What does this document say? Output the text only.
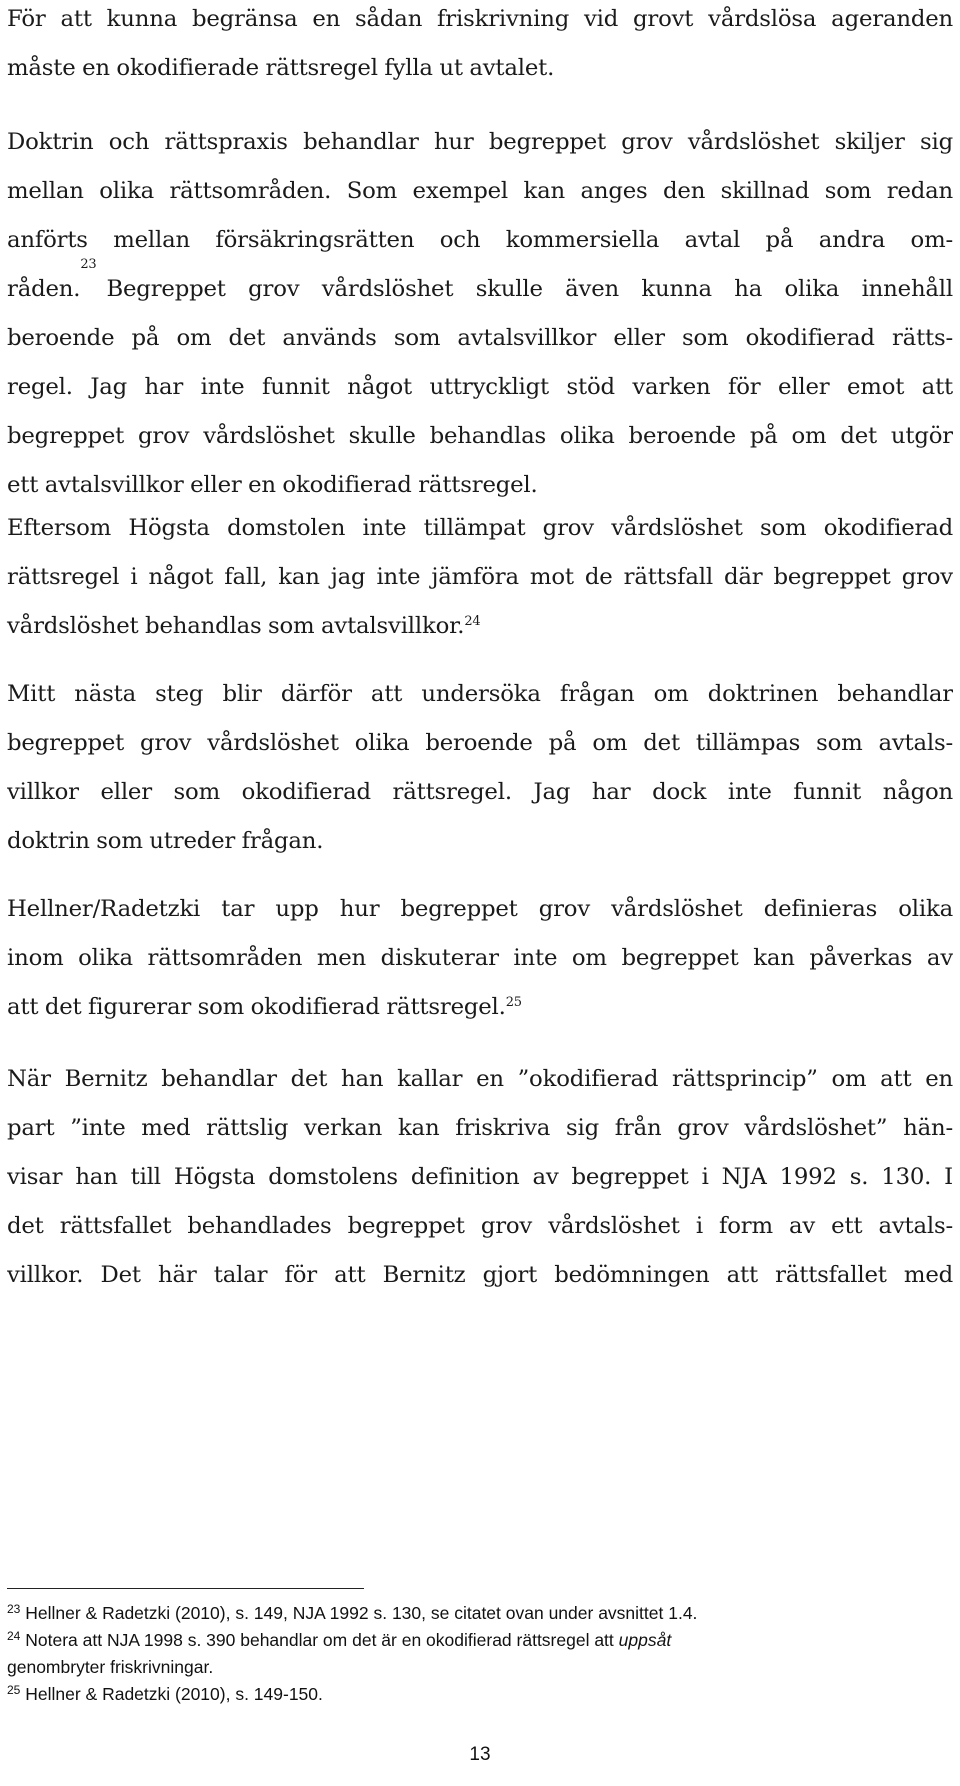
För att kunna begränsa en sådan friskrivning vid grovt vårdslösa ageranden
måste en okodifierade rättsregel fylla ut avtalet.

Doktrin och rättspraxis behandlar hur begreppet grov vårdslöshet skiljer sig
mellan olika rättsområden. Som exempel kan anges den skillnad som redan
anförts mellan försäkringsrätten och kommersiella avtal på andra om-
råden.
23
Begreppet grov vårdslöshet skulle även kunna ha olika innehåll
beroende på om det används som avtalsvillkor eller som okodifierad rätts-
regel. Jag har inte funnit något uttryckligt stöd varken för eller emot att
begreppet grov vårdslöshet skulle behandlas olika beroende på om det utgör
ett avtalsvillkor eller en okodifierad rättsregel.

Eftersom Högsta domstolen inte tillämpat grov vårdslöshet som okodifierad
rättsregel i något fall, kan jag inte jämföra mot de rättsfall där begreppet grov
vårdslöshet behandlas som avtalsvillkor.$^{24}$

Mitt nästa steg blir därför att undersöka frågan om doktrinen behandlar
begreppet grov vårdslöshet olika beroende på om det tillämpas som avtals-
villkor eller som okodifierad rättsregel. Jag har dock inte funnit någon
doktrin som utreder frågan.

Hellner/Radetzki tar upp hur begreppet grov vårdslöshet definieras olika
inom olika rättsområden men diskuterar inte om begreppet kan påverkas av
att det figurerar som okodifierad rättsregel.$^{25}$

När Bernitz behandlar det han kallar en ”okodifierad rättsprincip” om att en
part ”inte med rättslig verkan kan friskriva sig från grov vårdslöshet” hän-
visar han till Högsta domstolens definition av begreppet i NJA 1992 s. 130. I
det rättsfallet behandlades begreppet grov vårdslöshet i form av ett avtals-
villkor. Det här talar för att Bernitz gjort bedömningen att rättsfallet med

$^{23}$ Hellner & Radetzki (2010), s. 149, NJA 1992 s. 130, se citatet ovan under avsnittet 1.4.
$^{24}$ Notera att NJA 1998 s. 390 behandlar om det är en okodifierad rättsregel att uppsåt
genombryter friskrivningar.
$^{25}$ Hellner & Radetzki (2010), s. 149-150.
13
